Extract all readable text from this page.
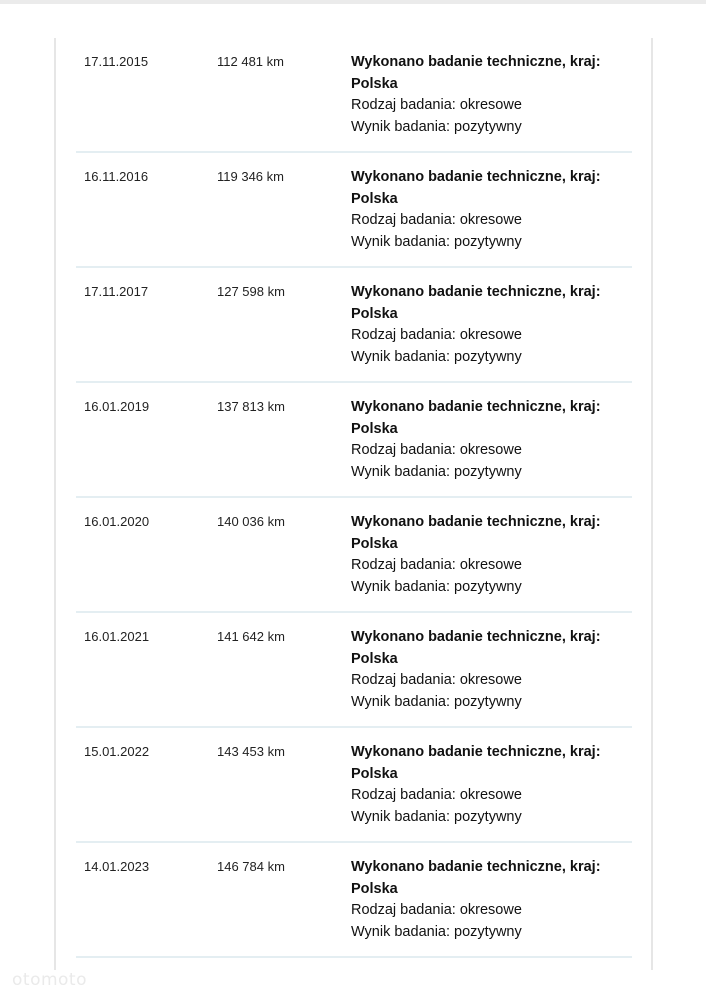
17.11.2015	112 481 km	Wykonano badanie techniczne, kraj: Polska
Rodzaj badania: okresowe
Wynik badania: pozytywny
16.11.2016	119 346 km	Wykonano badanie techniczne, kraj: Polska
Rodzaj badania: okresowe
Wynik badania: pozytywny
17.11.2017	127 598 km	Wykonano badanie techniczne, kraj: Polska
Rodzaj badania: okresowe
Wynik badania: pozytywny
16.01.2019	137 813 km	Wykonano badanie techniczne, kraj: Polska
Rodzaj badania: okresowe
Wynik badania: pozytywny
16.01.2020	140 036 km	Wykonano badanie techniczne, kraj: Polska
Rodzaj badania: okresowe
Wynik badania: pozytywny
16.01.2021	141 642 km	Wykonano badanie techniczne, kraj: Polska
Rodzaj badania: okresowe
Wynik badania: pozytywny
15.01.2022	143 453 km	Wykonano badanie techniczne, kraj: Polska
Rodzaj badania: okresowe
Wynik badania: pozytywny
14.01.2023	146 784 km	Wykonano badanie techniczne, kraj: Polska
Rodzaj badania: okresowe
Wynik badania: pozytywny
otomoto
